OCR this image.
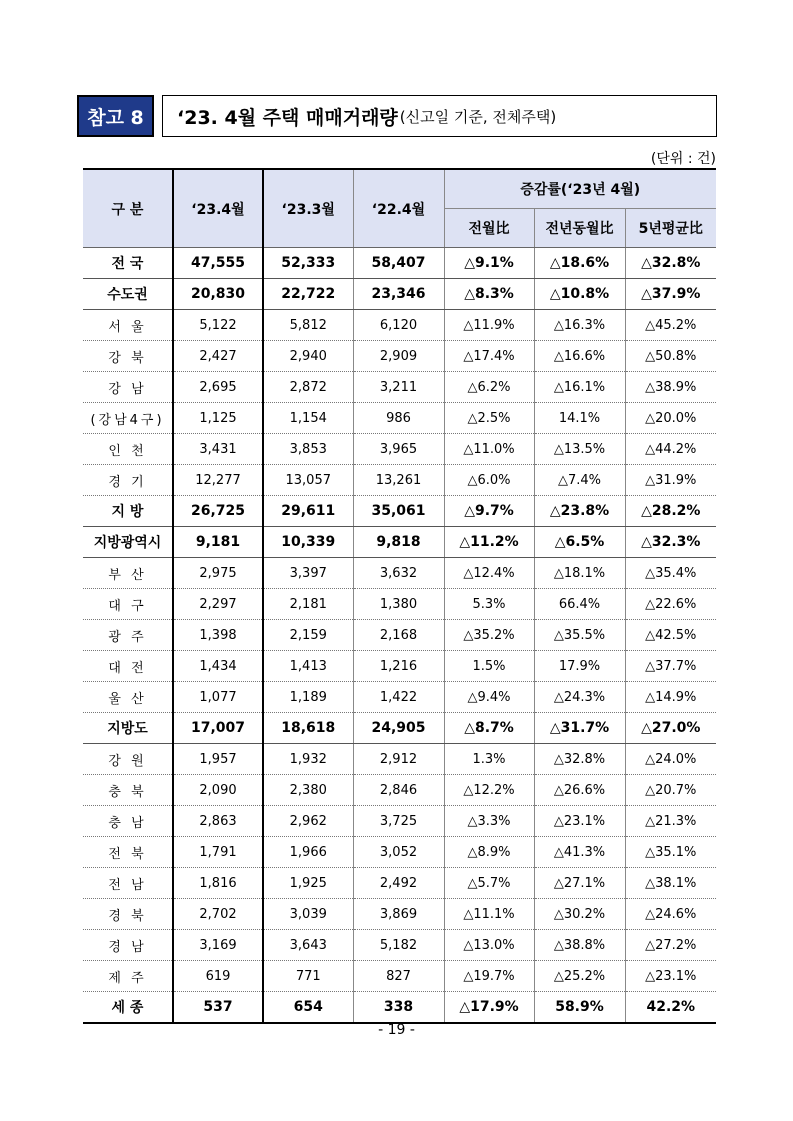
참고 8	‘23. 4월 주택 매매거래량 (신고일 기준, 전체주택)
(단위 : 건)
구 분	‘23.4월	‘23.3월	‘22.4월	증감률(‘23년 4월)		
				전월比	전년동월比	5년평균比
전 국	47,555	52,333	58,407	△9.1%	△18.6%	△32.8%
수도권	20,830	22,722	23,346	△8.3%	△10.8%	△37.9%
서 울	5,122	5,812	6,120	△11.9%	△16.3%	△45.2%
강 북	2,427	2,940	2,909	△17.4%	△16.6%	△50.8%
강 남	2,695	2,872	3,211	△6.2%	△16.1%	△38.9%
(강남4구)	1,125	1,154	986	△2.5%	14.1%	△20.0%
인 천	3,431	3,853	3,965	△11.0%	△13.5%	△44.2%
경 기	12,277	13,057	13,261	△6.0%	△7.4%	△31.9%
지 방	26,725	29,611	35,061	△9.7%	△23.8%	△28.2%
지방광역시	9,181	10,339	9,818	△11.2%	△6.5%	△32.3%
부 산	2,975	3,397	3,632	△12.4%	△18.1%	△35.4%
대 구	2,297	2,181	1,380	5.3%	66.4%	△22.6%
광 주	1,398	2,159	2,168	△35.2%	△35.5%	△42.5%
대 전	1,434	1,413	1,216	1.5%	17.9%	△37.7%
울 산	1,077	1,189	1,422	△9.4%	△24.3%	△14.9%
지방도	17,007	18,618	24,905	△8.7%	△31.7%	△27.0%
강 원	1,957	1,932	2,912	1.3%	△32.8%	△24.0%
충 북	2,090	2,380	2,846	△12.2%	△26.6%	△20.7%
충 남	2,863	2,962	3,725	△3.3%	△23.1%	△21.3%
전 북	1,791	1,966	3,052	△8.9%	△41.3%	△35.1%
전 남	1,816	1,925	2,492	△5.7%	△27.1%	△38.1%
경 북	2,702	3,039	3,869	△11.1%	△30.2%	△24.6%
경 남	3,169	3,643	5,182	△13.0%	△38.8%	△27.2%
제 주	619	771	827	△19.7%	△25.2%	△23.1%
세 종	537	654	338	△17.9%	58.9%	42.2%
- 19 -
